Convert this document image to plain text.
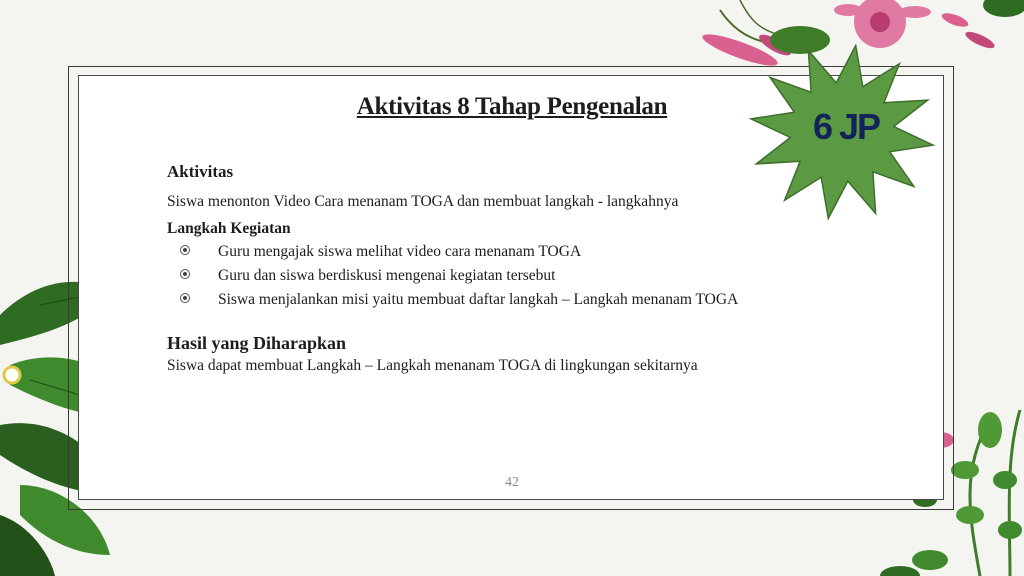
Aktivitas 8 Tahap Pengenalan

Aktivitas

Siswa menonton Video Cara menanam TOGA dan membuat langkah - langkahnya

Langkah Kegiatan

Guru mengajak siswa melihat video cara menanam TOGA
Guru dan siswa berdiskusi mengenai kegiatan tersebut
Siswa menjalankan misi yaitu membuat daftar langkah – Langkah menanam TOGA

Hasil yang Diharapkan

Siswa dapat membuat Langkah – Langkah menanam TOGA di lingkungan sekitarnya

42

6 JP
